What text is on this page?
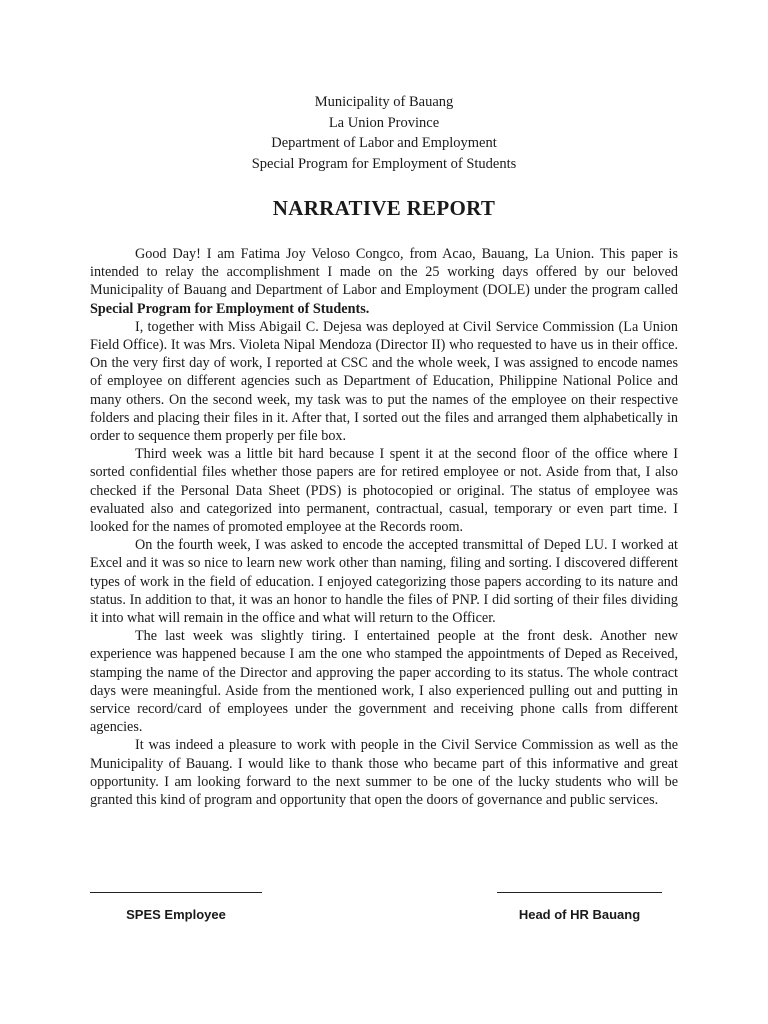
Municipality of Bauang
La Union Province
Department of Labor and Employment
Special Program for Employment of Students
NARRATIVE REPORT

Good Day! I am Fatima Joy Veloso Congco, from Acao, Bauang, La Union. This paper is intended to relay the accomplishment I made on the 25 working days offered by our beloved Municipality of Bauang and Department of Labor and Employment (DOLE) under the program called Special Program for Employment of Students.

I, together with Miss Abigail C. Dejesa was deployed at Civil Service Commission (La Union Field Office). It was Mrs. Violeta Nipal Mendoza (Director II) who requested to have us in their office. On the very first day of work, I reported at CSC and the whole week, I was assigned to encode names of employee on different agencies such as Department of Education, Philippine National Police and many others. On the second week, my task was to put the names of the employee on their respective folders and placing their files in it. After that, I sorted out the files and arranged them alphabetically in order to sequence them properly per file box.

Third week was a little bit hard because I spent it at the second floor of the office where I sorted confidential files whether those papers are for retired employee or not. Aside from that, I also checked if the Personal Data Sheet (PDS) is photocopied or original. The status of employee was evaluated also and categorized into permanent, contractual, casual, temporary or even part time. I looked for the names of promoted employee at the Records room.

On the fourth week, I was asked to encode the accepted transmittal of Deped LU. I worked at Excel and it was so nice to learn new work other than naming, filing and sorting. I discovered different types of work in the field of education. I enjoyed categorizing those papers according to its nature and status. In addition to that, it was an honor to handle the files of PNP. I did sorting of their files dividing it into what will remain in the office and what will return to the Officer.

The last week was slightly tiring. I entertained people at the front desk. Another new experience was happened because I am the one who stamped the appointments of Deped as Received, stamping the name of the Director and approving the paper according to its status. The whole contract days were meaningful. Aside from the mentioned work, I also experienced pulling out and putting in service record/card of employees under the government and receiving phone calls from different agencies.

It was indeed a pleasure to work with people in the Civil Service Commission as well as the Municipality of Bauang. I would like to thank those who became part of this informative and great opportunity. I am looking forward to the next summer to be one of the lucky students who will be granted this kind of program and opportunity that open the doors of governance and public services.

SPES Employee	Head of HR Bauang
